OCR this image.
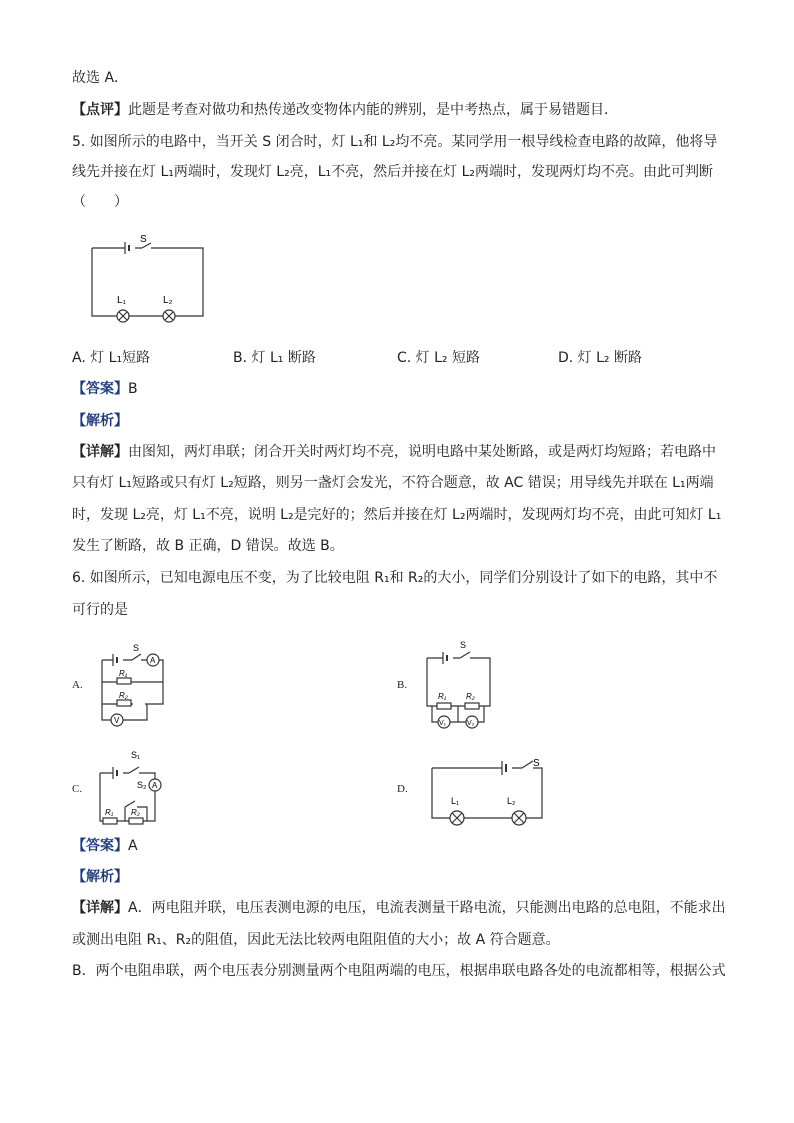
故选 A．
【点评】此题是考查对做功和热传递改变物体内能的辨别，是中考热点，属于易错题目．
5. 如图所示的电路中，当开关 S 闭合时，灯 L₁和 L₂均不亮。某同学用一根导线检查电路的故障，他将导
线先并接在灯 L₁两端时，发现灯 L₂亮，L₁不亮，然后并接在灯 L₂两端时，发现两灯均不亮。由此可判断
（　　）
S
L₁	L₂
A. 灯 L₁短路	B. 灯 L₁ 断路	C. 灯 L₂ 短路	D. 灯 L₂ 断路
【答案】B
【解析】
【详解】由图知，两灯串联；闭合开关时两灯均不亮，说明电路中某处断路，或是两灯均短路；若电路中
只有灯 L₁短路或只有灯 L₂短路，则另一盏灯会发光，不符合题意，故 AC 错误；用导线先并联在 L₁两端
时，发现 L₂亮，灯 L₁不亮，说明 L₂是完好的；然后并接在灯 L₂两端时，发现两灯均不亮，由此可知灯 L₁
发生了断路，故 B 正确，D 错误。故选 B。
6. 如图所示，已知电源电压不变，为了比较电阻 R₁和 R₂的大小，同学们分别设计了如下的电路，其中不
可行的是
A.
S
A
R₁
R₂
V
B.
S
R₁ R₂
V₁	V₂
C.
S₁
S₂ A
R₁ R₂
D.
S
L₁	L₂
【答案】A
【解析】
【详解】A．两电阻并联，电压表测电源的电压，电流表测量干路电流，只能测出电路的总电阻，不能求出
或测出电阻 R₁、R₂的阻值，因此无法比较两电阻阻值的大小；故 A 符合题意。
B．两个电阻串联，两个电压表分别测量两个电阻两端的电压，根据串联电路各处的电流都相等，根据公式
